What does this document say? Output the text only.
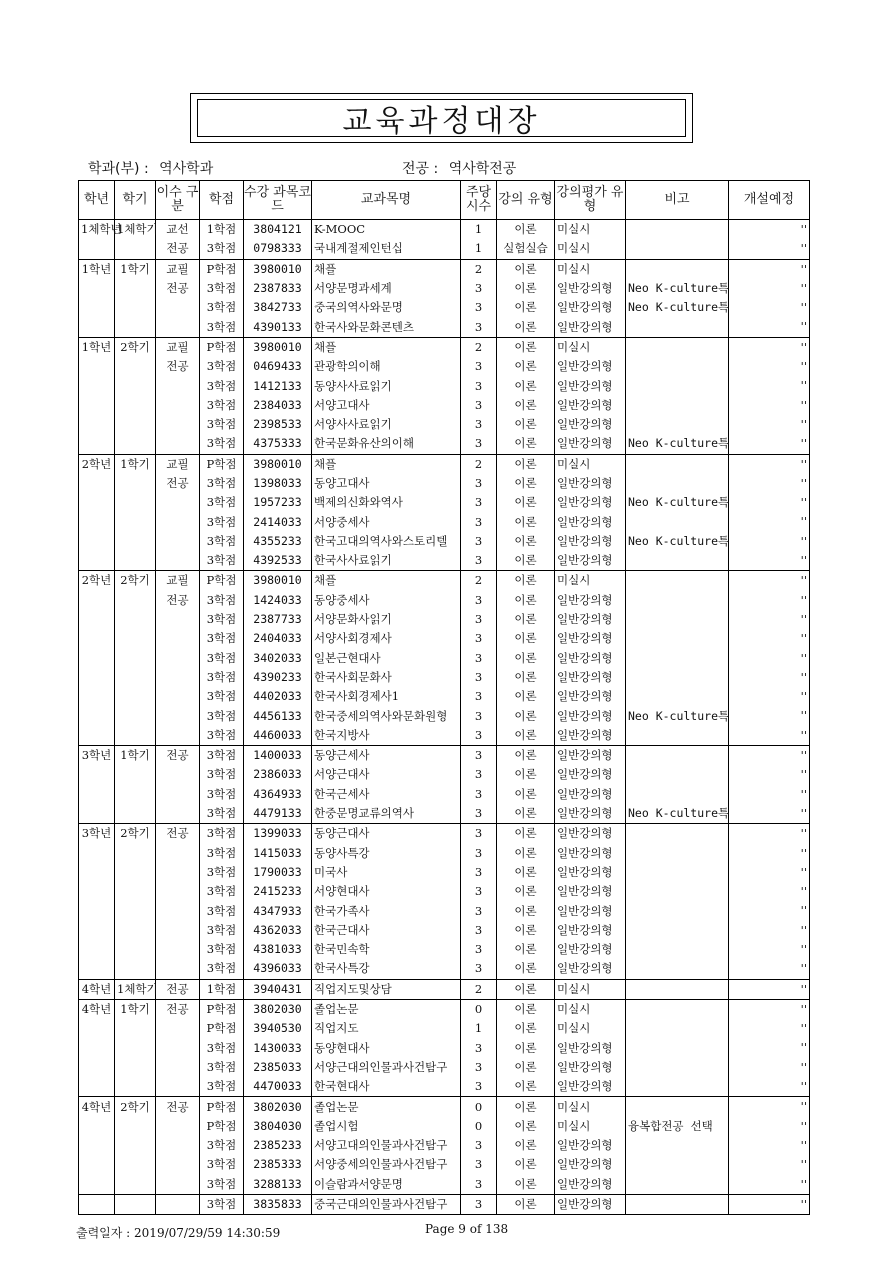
교육과정대장
학과(부) : 역사학과	전공 : 역사학전공
학년	학기	이수 구분	학점	수강 과목코드	교과목명	주당 시수	강의 유형	강의평가 유형	비고	개설예정
1체학년	1체학기	교선	1학점	3804121	K-MOOC	1	이론	미실시		''
		전공	3학점	0798333	국내계절제인턴십	1	실험실습	미실시		''
1학년	1학기	교필	P학점	3980010	채플	2	이론	미실시		''
		전공	3학점	2387833	서양문명과세계	3	이론	일반강의형	Neo K-culture특	''
			3학점	3842733	중국의역사와문명	3	이론	일반강의형	Neo K-culture특	''
			3학점	4390133	한국사와문화콘텐츠	3	이론	일반강의형		''
1학년	2학기	교필	P학점	3980010	채플	2	이론	미실시		''
		전공	3학점	0469433	관광학의이해	3	이론	일반강의형		''
			3학점	1412133	동양사사료읽기	3	이론	일반강의형		''
			3학점	2384033	서양고대사	3	이론	일반강의형		''
			3학점	2398533	서양사사료읽기	3	이론	일반강의형		''
			3학점	4375333	한국문화유산의이해	3	이론	일반강의형	Neo K-culture특	''
2학년	1학기	교필	P학점	3980010	채플	2	이론	미실시		''
		전공	3학점	1398033	동양고대사	3	이론	일반강의형		''
			3학점	1957233	백제의신화와역사	3	이론	일반강의형	Neo K-culture특	''
			3학점	2414033	서양중세사	3	이론	일반강의형		''
			3학점	4355233	한국고대의역사와스토리텔	3	이론	일반강의형	Neo K-culture특	''
			3학점	4392533	한국사사료읽기	3	이론	일반강의형		''
2학년	2학기	교필	P학점	3980010	채플	2	이론	미실시		''
		전공	3학점	1424033	동양중세사	3	이론	일반강의형		''
			3학점	2387733	서양문화사읽기	3	이론	일반강의형		''
			3학점	2404033	서양사회경제사	3	이론	일반강의형		''
			3학점	3402033	일본근현대사	3	이론	일반강의형		''
			3학점	4390233	한국사회문화사	3	이론	일반강의형		''
			3학점	4402033	한국사회경제사1	3	이론	일반강의형		''
			3학점	4456133	한국중세의역사와문화원형	3	이론	일반강의형	Neo K-culture특	''
			3학점	4460033	한국지방사	3	이론	일반강의형		''
3학년	1학기	전공	3학점	1400033	동양근세사	3	이론	일반강의형		''
			3학점	2386033	서양근대사	3	이론	일반강의형		''
			3학점	4364933	한국근세사	3	이론	일반강의형		''
			3학점	4479133	한중문명교류의역사	3	이론	일반강의형	Neo K-culture특	''
3학년	2학기	전공	3학점	1399033	동양근대사	3	이론	일반강의형		''
			3학점	1415033	동양사특강	3	이론	일반강의형		''
			3학점	1790033	미국사	3	이론	일반강의형		''
			3학점	2415233	서양현대사	3	이론	일반강의형		''
			3학점	4347933	한국가족사	3	이론	일반강의형		''
			3학점	4362033	한국근대사	3	이론	일반강의형		''
			3학점	4381033	한국민속학	3	이론	일반강의형		''
			3학점	4396033	한국사특강	3	이론	일반강의형		''
4학년	1체학기	전공	1학점	3940431	직업지도및상담	2	이론	미실시		''
4학년	1학기	전공	P학점	3802030	졸업논문	0	이론	미실시		''
			P학점	3940530	직업지도	1	이론	미실시		''
			3학점	1430033	동양현대사	3	이론	일반강의형		''
			3학점	2385033	서양근대의인물과사건탐구	3	이론	일반강의형		''
			3학점	4470033	한국현대사	3	이론	일반강의형		''
4학년	2학기	전공	P학점	3802030	졸업논문	0	이론	미실시		''
			P학점	3804030	졸업시험	0	이론	미실시	융복합전공 선택	''
			3학점	2385233	서양고대의인물과사건탐구	3	이론	일반강의형		''
			3학점	2385333	서양중세의인물과사건탐구	3	이론	일반강의형		''
			3학점	3288133	이슬람과서양문명	3	이론	일반강의형		''
			3학점	3835833	중국근대의인물과사건탐구	3	이론	일반강의형		''
출력일자 : 2019/07/29/59 14:30:59	Page 9 of 138
